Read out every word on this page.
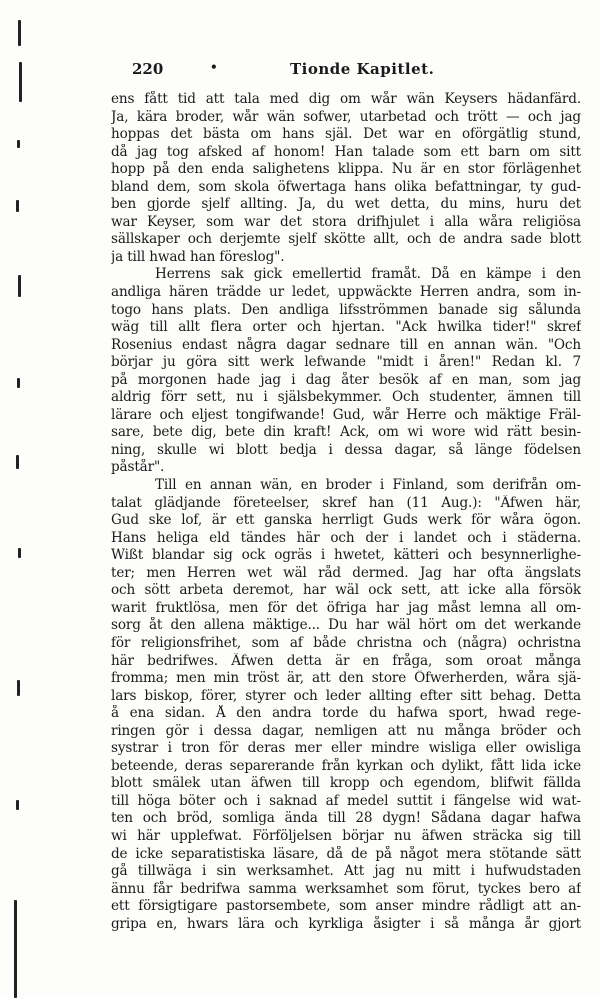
220	•	Tionde Kapitlet.
ens fått tid att tala med dig om wår wän Keysers hädanfärd.
Ja, kära broder, wår wän sofwer, utarbetad och trött — och jag
hoppas det bästa om hans själ. Det war en oförgätlig stund,
då jag tog afsked af honom! Han talade som ett barn om sitt
hopp på den enda salighetens klippa. Nu är en stor förlägenhet
bland dem, som skola öfwertaga hans olika befattningar, ty gud-
ben gjorde sjelf allting. Ja, du wet detta, du mins, huru det
war Keyser, som war det stora drifhjulet i alla wåra religiösa
sällskaper och derjemte sjelf skötte allt, och de andra sade blott
ja till hwad han föreslog".
Herrens sak gick emellertid framåt. Då en kämpe i den
andliga hären trädde ur ledet, uppwäckte Herren andra, som in-
togo hans plats. Den andliga lifsströmmen banade sig sålunda
wäg till allt flera orter och hjertan. "Ack hwilka tider!" skref
Rosenius endast några dagar sednare till en annan wän. "Och
börjar ju göra sitt werk lefwande "midt i åren!" Redan kl. 7
på morgonen hade jag i dag åter besök af en man, som jag
aldrig förr sett, nu i själsbekymmer. Och studenter, ämnen till
lärare och eljest tongifwande! Gud, wår Herre och mäktige Fräl-
sare, bete dig, bete din kraft! Ack, om wi wore wid rätt besin-
ning, skulle wi blott bedja i dessa dagar, så länge födelsen
påstår".
Till en annan wän, en broder i Finland, som derifrån om-
talat glädjande företeelser, skref han (11 Aug.): "Äfwen här,
Gud ske lof, är ett ganska herrligt Guds werk för wåra ögon.
Hans heliga eld tändes här och der i landet och i städerna.
Wißt blandar sig ock ogräs i hwetet, kätteri och besynnerlighe-
ter; men Herren wet wäl råd dermed. Jag har ofta ängslats
och sött arbeta deremot, har wäl ock sett, att icke alla försök
warit fruktlösa, men för det öfriga har jag måst lemna all om-
sorg åt den allena mäktige... Du har wäl hört om det werkande
för religionsfrihet, som af både christna och (några) ochristna
här bedrifwes. Äfwen detta är en fråga, som oroat många
fromma; men min tröst är, att den store Öfwerherden, wåra sjä-
lars biskop, förer, styrer och leder allting efter sitt behag. Detta
å ena sidan. Å den andra torde du hafwa sport, hwad rege-
ringen gör i dessa dagar, nemligen att nu många bröder och
systrar i tron för deras mer eller mindre wisliga eller owisliga
beteende, deras separerande från kyrkan och dylikt, fått lida icke
blott smälek utan äfwen till kropp och egendom, blifwit fällda
till höga böter och i saknad af medel suttit i fängelse wid wat-
ten och bröd, somliga ända till 28 dygn! Sådana dagar hafwa
wi här upplefwat. Förföljelsen börjar nu äfwen sträcka sig till
de icke separatistiska läsare, då de på något mera stötande sätt
gå tillwäga i sin werksamhet. Att jag nu mitt i hufwudstaden
ännu får bedrifwa samma werksamhet som förut, tyckes bero af
ett försigtigare pastorsembete, som anser mindre rådligt att an-
gripa en, hwars lära och kyrkliga åsigter i så många år gjort
